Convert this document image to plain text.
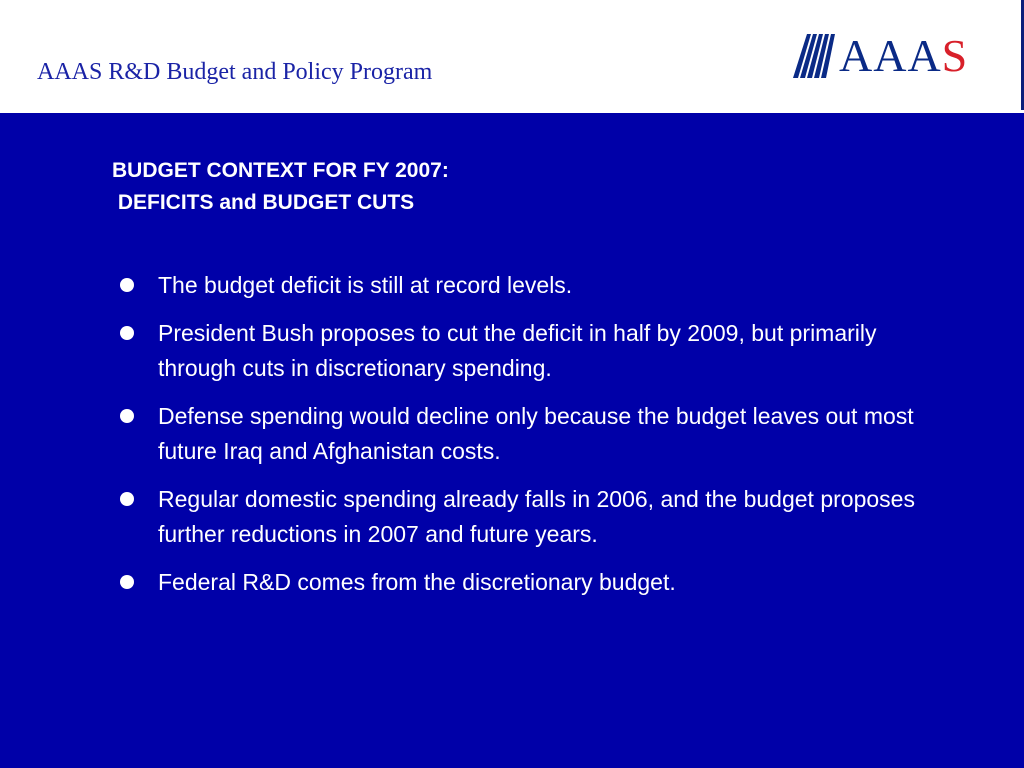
AAAS R&D Budget and Policy Program	AAAS
BUDGET CONTEXT FOR FY 2007:
DEFICITS and BUDGET CUTS
The budget deficit is still at record levels.
President Bush proposes to cut the deficit in half by 2009, but primarily through cuts in discretionary spending.
Defense spending would decline only because the budget leaves out most future Iraq and Afghanistan costs.
Regular domestic spending already falls in 2006, and the budget proposes further reductions in 2007 and future years.
Federal R&D comes from the discretionary budget.
